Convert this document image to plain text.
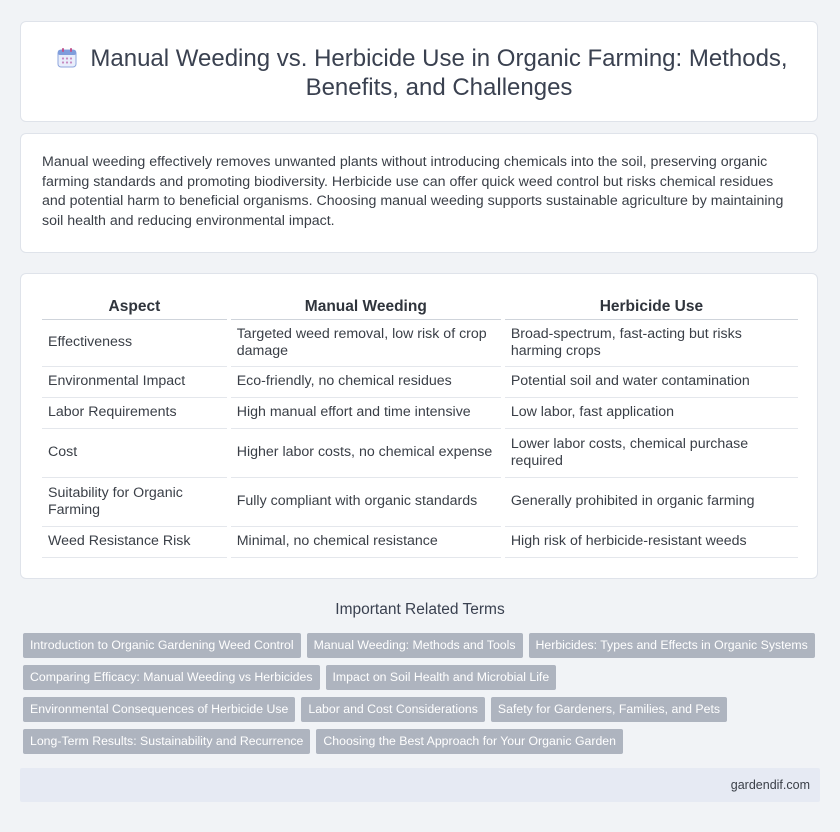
Manual Weeding vs. Herbicide Use in Organic Farming: Methods, Benefits, and Challenges

Manual weeding effectively removes unwanted plants without introducing chemicals into the soil, preserving organic farming standards and promoting biodiversity. Herbicide use can offer quick weed control but risks chemical residues and potential harm to beneficial organisms. Choosing manual weeding supports sustainable agriculture by maintaining soil health and reducing environmental impact.

Aspect		Manual Weeding		Herbicide Use
Effectiveness		Targeted weed removal, low risk of crop damage		Broad-spectrum, fast-acting but risks harming crops
Environmental Impact		Eco-friendly, no chemical residues		Potential soil and water contamination
Labor Requirements		High manual effort and time intensive		Low labor, fast application
Cost		Higher labor costs, no chemical expense		Lower labor costs, chemical purchase required
Suitability for Organic Farming		Fully compliant with organic standards		Generally prohibited in organic farming
Weed Resistance Risk		Minimal, no chemical resistance		High risk of herbicide-resistant weeds
Important Related Terms
Introduction to Organic Gardening Weed Control	Manual Weeding: Methods and Tools	Herbicides: Types and Effects in Organic Systems
Comparing Efficacy: Manual Weeding vs Herbicides	Impact on Soil Health and Microbial Life
Environmental Consequences of Herbicide Use	Labor and Cost Considerations	Safety for Gardeners, Families, and Pets
Long-Term Results: Sustainability and Recurrence	Choosing the Best Approach for Your Organic Garden
gardendif.com
